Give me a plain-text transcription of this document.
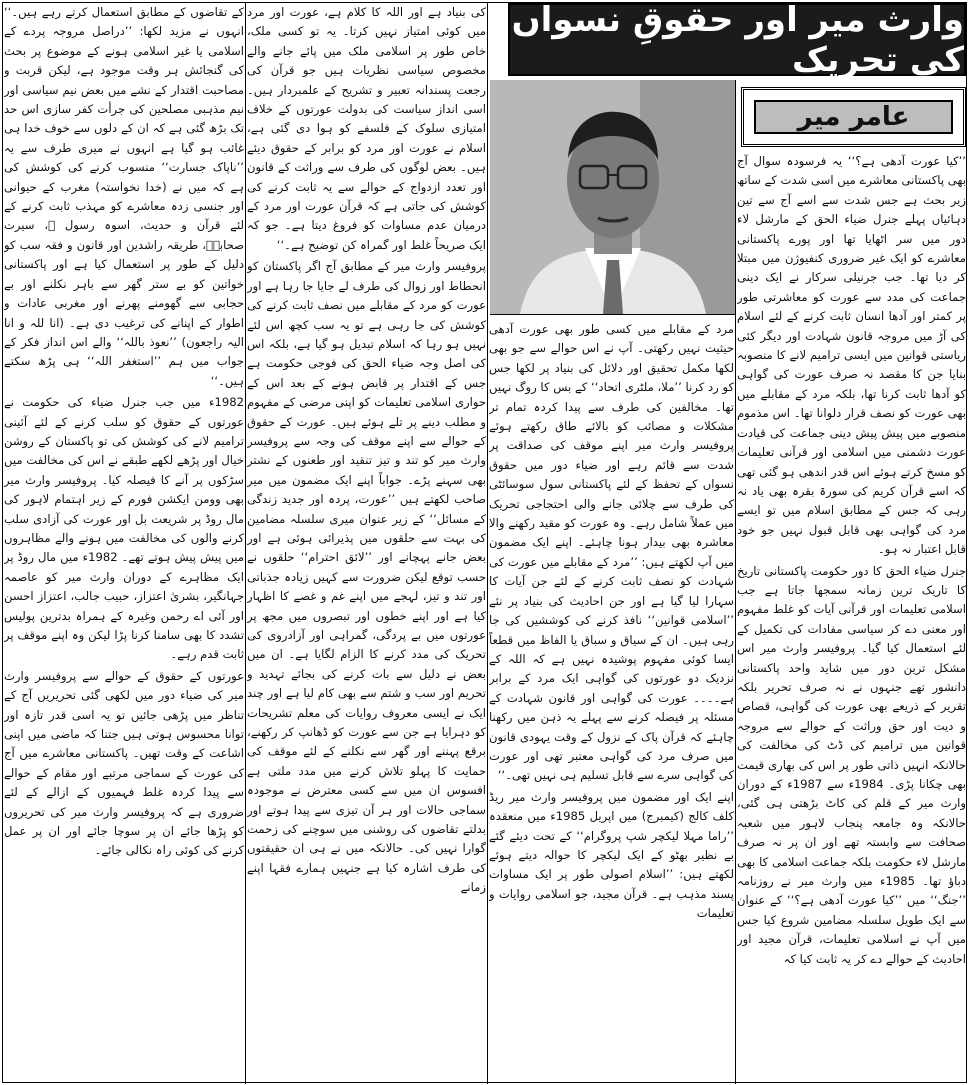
وارث میر اور حقوقِ نسواں کی تحریک
عامر میر

’’کیا عورت آدھی ہے؟‘‘ یہ فرسودہ سوال آج بھی پاکستانی معاشرے میں اسی شدت کے ساتھ زیر بحث ہے جس شدت سے اسے آج سے تین دہائیاں پہلے جنرل ضیاء الحق کے مارشل لاء دور میں سر اٹھایا تھا اور پورے پاکستانی معاشرے کو ایک غیر ضروری کنفیوژن میں مبتلا کر دیا تھا۔ جب جرنیلی سرکار نے ایک دینی جماعت کی مدد سے عورت کو معاشرتی طور پر کمتر اور آدھا انسان ثابت کرنے کے لئے اسلام کی آڑ میں مروجہ قانون شہادت اور دیگر کئی ریاستی قوانین میں ایسی ترامیم لانے کا منصوبہ بنایا جن کا مقصد نہ صرف عورت کی گواہی کو آدھا ثابت کرنا تھا، بلکہ مرد کے مقابلے میں بھی عورت کو نصف قرار دلوانا تھا۔ اس مذموم منصوبے میں پیش پیش دینی جماعت کی قیادت عورت دشمنی میں اسلامی اور قرآنی تعلیمات کو مسخ کرتے ہوئے اس قدر اندھی ہو گئی تھی کہ اسے قرآن کریم کی سورۃ بقرہ بھی یاد نہ رہی کہ جس کے مطابق اسلام میں تو ایسے مرد کی گواہی بھی قابل قبول نہیں جو خود قابل اعتبار نہ ہو۔

جنرل ضیاء الحق کا دور حکومت پاکستانی تاریخ کا تاریک ترین زمانہ سمجھا جاتا ہے جب اسلامی تعلیمات اور قرآنی آیات کو غلط مفہوم اور معنی دے کر سیاسی مفادات کی تکمیل کے لئے استعمال کیا گیا۔ پروفیسر وارث میر اس مشکل ترین دور میں شاید واحد پاکستانی دانشور تھے جنہوں نے نہ صرف تحریر بلکہ تقریر کے ذریعے بھی عورت کی گواہی، قصاص و دیت اور حق وراثت کے حوالے سے مروجہ قوانین میں ترامیم کی ڈٹ کی مخالفت کی حالانکہ انہیں ذاتی طور پر اس کی بھاری قیمت بھی چکانا پڑی۔ 1984ء سے 1987ء کے دوران وارث میر کے قلم کی کاٹ بڑھتی ہی گئی، حالانکہ وہ جامعہ پنجاب لاہور میں شعبہ صحافت سے وابستہ تھے اور ان پر نہ صرف مارشل لاء حکومت بلکہ جماعت اسلامی کا بھی دباؤ تھا۔ 1985ء میں وارث میر نے روزنامہ ’’جنگ‘‘ میں ’’کیا عورت آدھی ہے؟‘‘ کے عنوان سے ایک طویل سلسلہ مضامین شروع کیا جس میں آپ نے اسلامی تعلیمات، قرآن مجید اور احادیث کے حوالے دے کر یہ ثابت کیا کہ

مرد کے مقابلے میں کسی طور بھی عورت آدھی حیثیت نہیں رکھتی۔ آپ نے اس حوالے سے جو بھی لکھا مکمل تحقیق اور دلائل کی بنیاد پر لکھا جس کو رد کرنا ’’ملا، ملٹری اتحاد‘‘ کے بس کا روگ نہیں تھا۔ مخالفین کی طرف سے پیدا کردہ تمام تر مشکلات و مصائب کو بالائے طاق رکھتے ہوئے پروفیسر وارث میر اپنے موقف کی صداقت پر شدت سے قائم رہے اور ضیاء دور میں حقوق نسواں کے تحفظ کے لئے پاکستانی سول سوسائٹی کی طرف سے چلائی جانے والی احتجاجی تحریک میں عملاً شامل رہے۔ وہ عورت کو مقید رکھنے والا معاشرہ بھی بیدار ہونا چاہئے۔ اپنے ایک مضمون میں آپ لکھتے ہیں: ’’مرد کے مقابلے میں عورت کی شہادت کو نصف ثابت کرنے کے لئے جن آیات کا سہارا لیا گیا ہے اور جن احادیث کی بنیاد پر نئے ’’اسلامی قوانین‘‘ نافذ کرنے کی کوششیں کی جا رہی ہیں۔ ان کے سیاق و سباق یا الفاظ میں قطعاً ایسا کوئی مفہوم پوشیدہ نہیں ہے کہ اللہ کے نزدیک دو عورتوں کی گواہی ایک مرد کے برابر ہے۔۔۔۔ عورت کی گواہی اور قانون شہادت کے مسئلہ پر فیصلہ کرنے سے پہلے یہ ذہن میں رکھنا چاہئے کہ قرآن پاک کے نزول کے وقت یہودی قانون میں صرف مرد کی گواہی معتبر تھی اور عورت کی گواہی سرے سے قابل تسلیم ہی نہیں تھی۔‘‘

اپنے ایک اور مضمون میں پروفیسر وارث میر ریڈ کلف کالج (کیمبرج) میں اپریل 1985ء میں منعقدہ ’’راما مہلا لیکچر شپ پروگرام‘‘ کے تحت دیئے گئے بے نظیر بھٹو کے ایک لیکچر کا حوالہ دیتے ہوئے لکھتے ہیں: ’’اسلام اصولی طور پر ایک مساوات پسند مذہب ہے۔ قرآن مجید، جو اسلامی روایات و تعلیمات

کی بنیاد ہے اور اللہ کا کلام ہے، عورت اور مرد میں کوئی امتیاز نہیں کرتا۔ یہ تو کسی ملک، خاص طور پر اسلامی ملک میں پائے جانے والے مخصوص سیاسی نظریات ہیں جو قرآن کی رجعت پسندانہ تعبیر و تشریح کے علمبردار ہیں۔ اسی انداز سیاست کی بدولت عورتوں کے خلاف امتیازی سلوک کے فلسفے کو ہوا دی گئی ہے، اسلام نے عورت اور مرد کو برابر کے حقوق دیئے ہیں۔ بعض لوگوں کی طرف سے وراثت کے قانون اور تعدد ازدواج کے حوالے سے یہ ثابت کرنے کی کوشش کی جاتی ہے کہ قرآن عورت اور مرد کے درمیان عدم مساوات کو فروغ دیتا ہے۔ جو کہ ایک صریحاً غلط اور گمراہ کن توضیح ہے۔‘‘

پروفیسر وارث میر کے مطابق آج اگر پاکستان کو انحطاط اور زوال کی طرف لے جایا جا رہا ہے اور عورت کو مرد کے مقابلے میں نصف ثابت کرنے کی کوشش کی جا رہی ہے تو یہ سب کچھ اس لئے نہیں ہو رہا کہ اسلام تبدیل ہو گیا ہے، بلکہ اس کی اصل وجہ ضیاء الحق کی فوجی حکومت ہے جس کے اقتدار پر قابض ہونے کے بعد اس کے حواری اسلامی تعلیمات کو اپنی مرضی کے مفہوم و مطلب دینے پر تلے ہوئے ہیں۔ عورت کے حقوق کے حوالے سے اپنے موقف کی وجہ سے پروفیسر وارث میر کو تند و تیز تنقید اور طعنوں کے نشتر بھی سہنے پڑے۔ جواباً اپنے ایک مضمون میں میر صاحب لکھتے ہیں ’’عورت، پردہ اور جدید زندگی کے مسائل‘‘ کے زیر عنوان میری سلسلہ مضامین کی بہت سے حلقوں میں پذیرائی ہوئی ہے اور بعض جانے پہچانے اور ’’لائق احترام‘‘ حلقوں نے حسب توقع لیکن ضرورت سے کہیں زیادہ جذباتی اور تند و تیز، لہجے میں اپنے غم و غصے کا اظہار کیا ہے اور اپنے خطوں اور تبصروں میں مجھ پر عورتوں میں بے پردگی، گمراہی اور آزادروی کی تحریک کی مدد کرنے کا الزام لگایا ہے۔ ان میں بعض نے دلیل سے بات کرنے کی بجائے تہدید و تحریم اور سب و شتم سے بھی کام لیا ہے اور چند ایک نے ایسی معروف روایات کی معلم تشریحات کو دہرایا ہے جن سے عورت کو ڈھانپ کر رکھنے، برقع پہننے اور گھر سے نکلنے کے لئے موقف کی حمایت کا پہلو تلاش کرنے میں مدد ملتی ہے افسوس ان میں سے کسی معترض نے موجودہ سماجی حالات اور ہر آن تیزی سے پیدا ہوتے اور بدلتے تقاضوں کی روشنی میں سوچنے کی زحمت گوارا نہیں کی۔ حالانکہ میں نے ہی ان حقیقتوں کی طرف اشارہ کیا ہے جنہیں ہمارے فقہا اپنے زمانے

کے تقاضوں کے مطابق استعمال کرتے رہے ہیں۔‘‘ انہوں نے مزید لکھا: ’’دراصل مروجہ پردے کے اسلامی یا غیر اسلامی ہونے کے موضوع پر بحث کی گنجائش ہر وقت موجود ہے، لیکن قربت و مصاحبت اقتدار کے نشے میں بعض نیم سیاسی اور نیم مذہبی مصلحین کی جرأت کفر سازی اس حد تک بڑھ گئی ہے کہ ان کے دلوں سے خوف خدا ہی غائب ہو گیا ہے انہوں نے میری طرف سے یہ ’’ناپاک جسارت‘‘ منسوب کرنے کی کوشش کی ہے کہ میں نے (خدا نخواستہ) مغرب کے حیوانی اور جنسی زدہ معاشرے کو مہذب ثابت کرنے کے لئے قرآن و حدیث، اسوہ رسول ﷺ، سیرت صحابہؓ، طریقہ راشدین اور قانون و فقہ سب کو دلیل کے طور پر استعمال کیا ہے اور پاکستانی خواتین کو بے ستر گھر سے باہر نکلنے اور بے حجابی سے گھومنے پھرنے اور مغربی عادات و اطوار کے اپنانے کی ترغیب دی ہے۔ (انا للہ و انا الیہ راجعون) ’’نعوذ باللہ‘‘ والے اس انداز فکر کے جواب میں ہم ’’استغفر اللہ‘‘ ہی پڑھ سکتے ہیں۔‘‘

1982ء میں جب جنرل ضیاء کی حکومت نے عورتوں کے حقوق کو سلب کرنے کے لئے آئینی ترامیم لانے کی کوشش کی تو پاکستان کے روشن خیال اور پڑھے لکھے طبقے نے اس کی مخالفت میں سڑکوں پر آنے کا فیصلہ کیا۔ پروفیسر وارث میر بھی وومن ایکشن فورم کے زیر اہتمام لاہور کی مال روڈ پر شریعت بل اور عورت کی آزادی سلب کرنے والوں کی مخالفت میں ہونے والے مظاہروں میں پیش پیش ہوتے تھے۔ 1982ء میں مال روڈ پر ایک مظاہرے کے دوران وارث میر کو عاصمہ جہانگیر، بشریٰ اعتزاز، حبیب جالب، اعتزاز احسن اور آئی اے رحمن وغیرہ کے ہمراہ بدترین پولیس تشدد کا بھی سامنا کرنا پڑا لیکن وہ اپنے موقف پر ثابت قدم رہے۔

عورتوں کے حقوق کے حوالے سے پروفیسر وارث میر کی ضیاء دور میں لکھی گئی تحریریں آج کے تناظر میں پڑھی جائیں تو یہ اسی قدر تازہ اور توانا محسوس ہوتی ہیں جتنا کہ ماضی میں اپنی اشاعت کے وقت تھیں۔ پاکستانی معاشرے میں آج کی عورت کے سماجی مرتبے اور مقام کے حوالے سے پیدا کردہ غلط فہمیوں کے ازالے کے لئے ضروری ہے کہ پروفیسر وارث میر کی تحریروں کو پڑھا جائے ان پر سوچا جائے اور ان پر عمل کرنے کی کوئی راہ نکالی جائے۔
